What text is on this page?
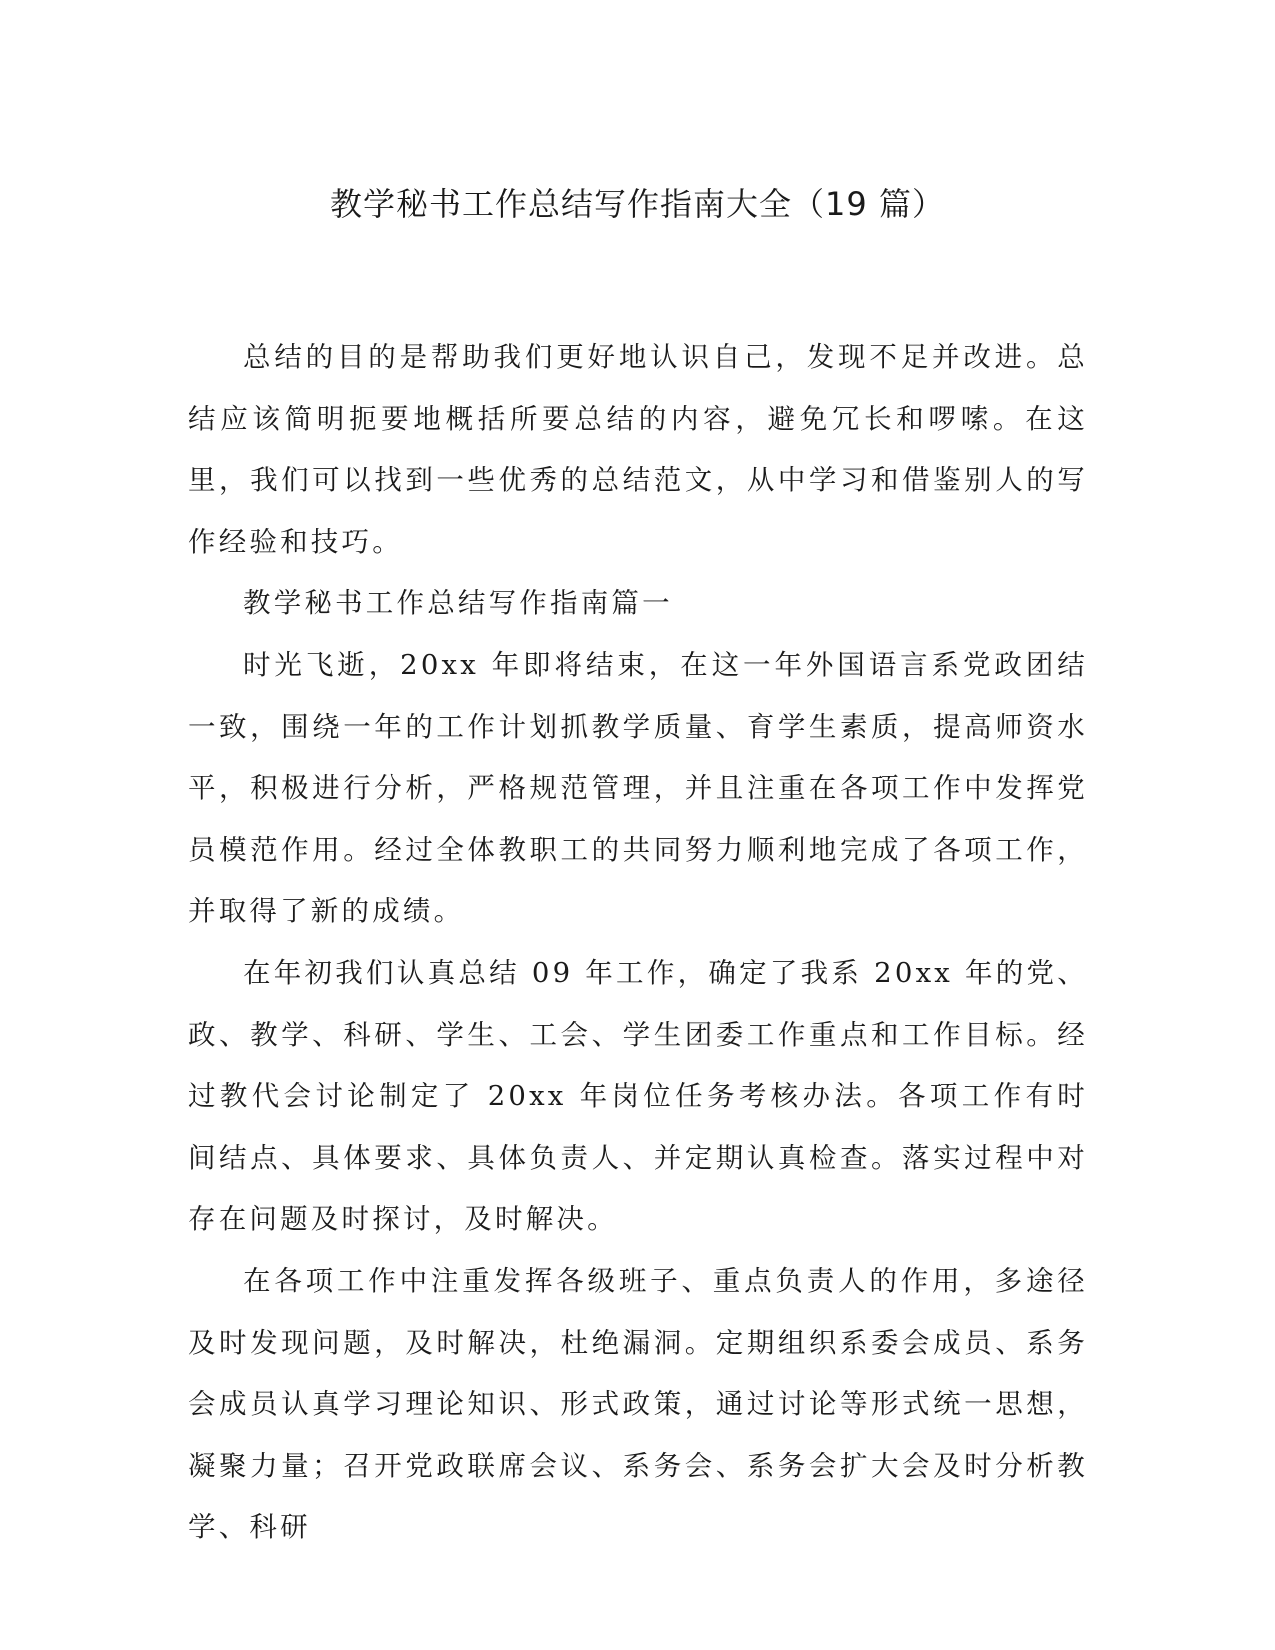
教学秘书工作总结写作指南大全（19 篇）

总结的目的是帮助我们更好地认识自己，发现不足并改进。总结应该简明扼要地概括所要总结的内容，避免冗长和啰嗦。在这里，我们可以找到一些优秀的总结范文，从中学习和借鉴别人的写作经验和技巧。

教学秘书工作总结写作指南篇一

时光飞逝，20xx 年即将结束，在这一年外国语言系党政团结一致，围绕一年的工作计划抓教学质量、育学生素质，提高师资水平，积极进行分析，严格规范管理，并且注重在各项工作中发挥党员模范作用。经过全体教职工的共同努力顺利地完成了各项工作，并取得了新的成绩。

在年初我们认真总结 09 年工作，确定了我系 20xx 年的党、政、教学、科研、学生、工会、学生团委工作重点和工作目标。经过教代会讨论制定了 20xx 年岗位任务考核办法。各项工作有时间结点、具体要求、具体负责人、并定期认真检查。落实过程中对存在问题及时探讨，及时解决。

在各项工作中注重发挥各级班子、重点负责人的作用，多途径及时发现问题，及时解决，杜绝漏洞。定期组织系委会成员、系务会成员认真学习理论知识、形式政策，通过讨论等形式统一思想，凝聚力量；召开党政联席会议、系务会、系务会扩大会及时分析教学、科研
